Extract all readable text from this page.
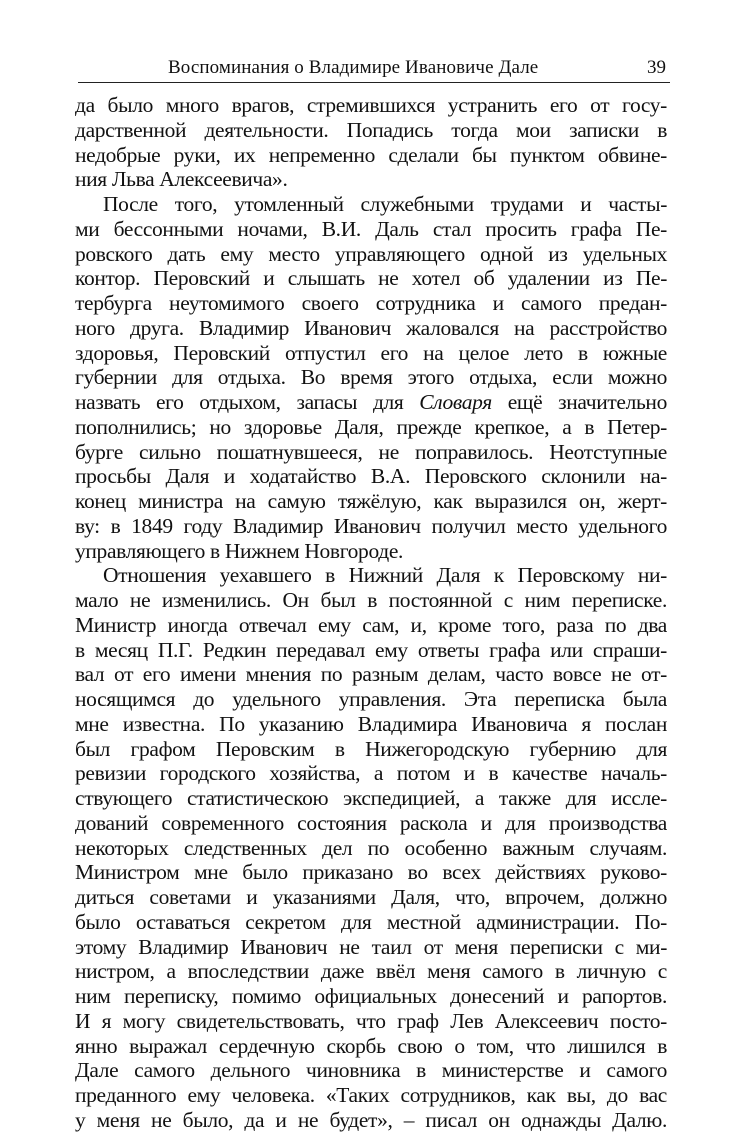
Воспоминания о Владимире Ивановиче Дале	39
да было много врагов, стремившихся устранить его от госу-
дарственной деятельности. Попадись тогда мои записки в
недобрые руки, их непременно сделали бы пунктом обвине-
ния Льва Алексеевича».
После того, утомленный служебными трудами и часты-
ми бессонными ночами, В.И. Даль стал просить графа Пе-
ровского дать ему место управляющего одной из удельных
контор. Перовский и слышать не хотел об удалении из Пе-
тербурга неутомимого своего сотрудника и самого предан-
ного друга. Владимир Иванович жаловался на расстройство
здоровья, Перовский отпустил его на целое лето в южные
губернии для отдыха. Во время этого отдыха, если можно
назвать его отдыхом, запасы для Словаря ещё значительно
пополнились; но здоровье Даля, прежде крепкое, а в Петер-
бурге сильно пошатнувшееся, не поправилось. Неотступные
просьбы Даля и ходатайство В.А. Перовского склонили на-
конец министра на самую тяжёлую, как выразился он, жерт-
ву: в 1849 году Владимир Иванович получил место удельного
управляющего в Нижнем Новгороде.
Отношения уехавшего в Нижний Даля к Перовскому ни-
мало не изменились. Он был в постоянной с ним переписке.
Министр иногда отвечал ему сам, и, кроме того, раза по два
в месяц П.Г. Редкин передавал ему ответы графа или спраши-
вал от его имени мнения по разным делам, часто вовсе не от-
носящимся до удельного управления. Эта переписка была
мне известна. По указанию Владимира Ивановича я послан
был графом Перовским в Нижегородскую губернию для
ревизии городского хозяйства, а потом и в качестве началь-
ствующего статистическою экспедицией, а также для иссле-
дований современного состояния раскола и для производства
некоторых следственных дел по особенно важным случаям.
Министром мне было приказано во всех действиях руково-
диться советами и указаниями Даля, что, впрочем, должно
было оставаться секретом для местной администрации. По-
этому Владимир Иванович не таил от меня переписки с ми-
нистром, а впоследствии даже ввёл меня самого в личную с
ним переписку, помимо официальных донесений и рапортов.
И я могу свидетельствовать, что граф Лев Алексеевич посто-
янно выражал сердечную скорбь свою о том, что лишился в
Дале самого дельного чиновника в министерстве и самого
преданного ему человека. «Таких сотрудников, как вы, до вас
у меня не было, да и не будет», – писал он однажды Далю.
